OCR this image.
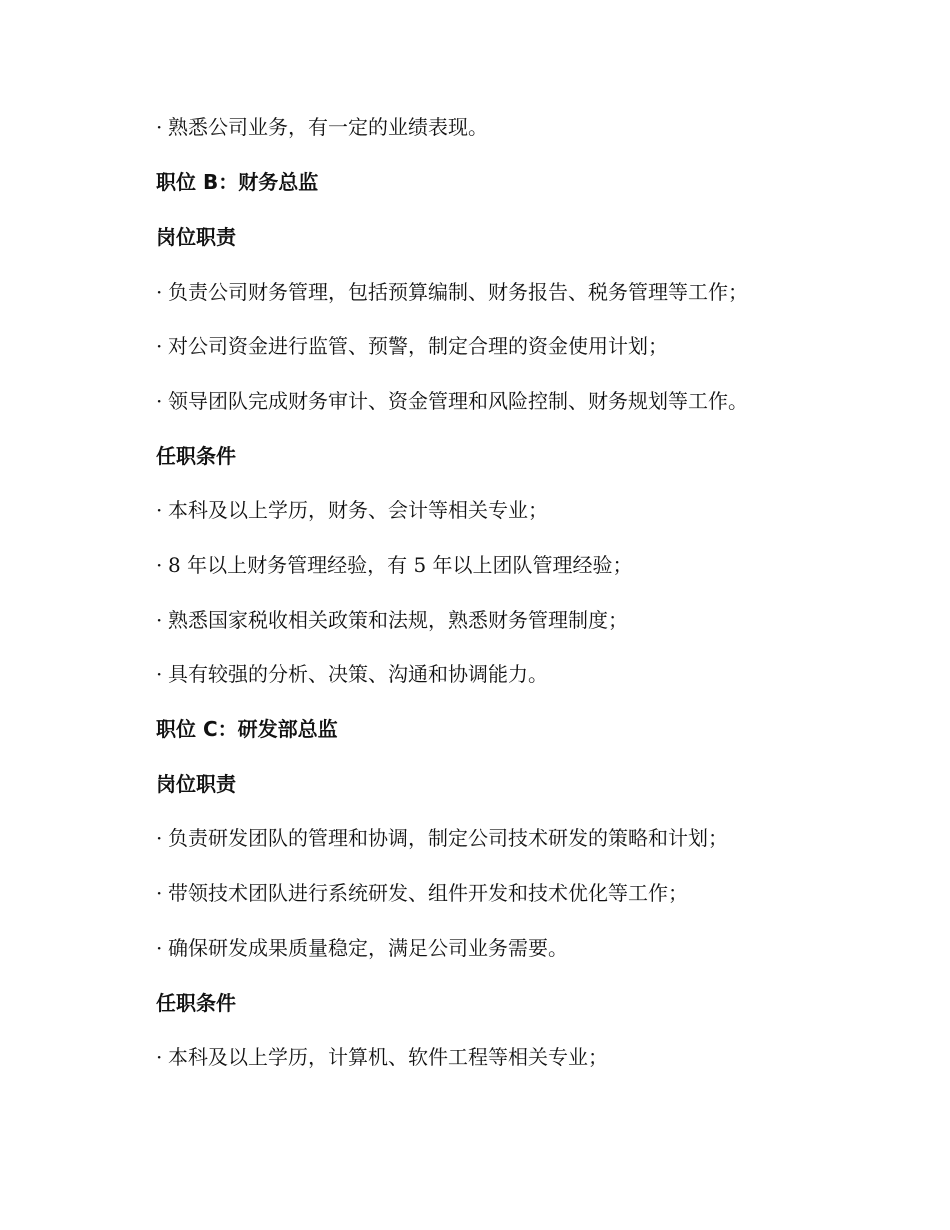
· 熟悉公司业务，有一定的业绩表现。
职位 B：财务总监
岗位职责
· 负责公司财务管理，包括预算编制、财务报告、税务管理等工作；
· 对公司资金进行监管、预警，制定合理的资金使用计划；
· 领导团队完成财务审计、资金管理和风险控制、财务规划等工作。
任职条件
· 本科及以上学历，财务、会计等相关专业；
· 8 年以上财务管理经验，有 5 年以上团队管理经验；
· 熟悉国家税收相关政策和法规，熟悉财务管理制度；
· 具有较强的分析、决策、沟通和协调能力。
职位 C：研发部总监
岗位职责
· 负责研发团队的管理和协调，制定公司技术研发的策略和计划；
· 带领技术团队进行系统研发、组件开发和技术优化等工作；
· 确保研发成果质量稳定，满足公司业务需要。
任职条件
· 本科及以上学历，计算机、软件工程等相关专业；
